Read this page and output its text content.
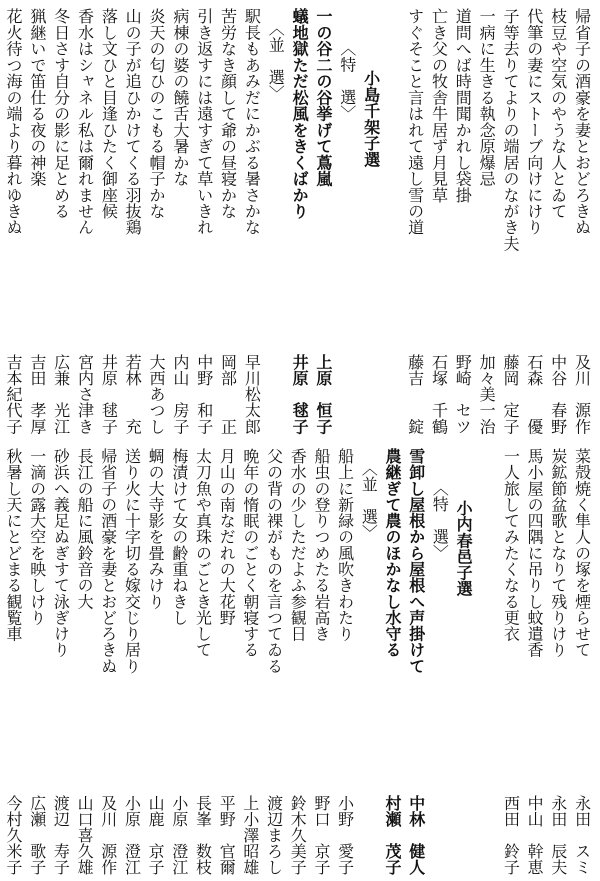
帰省子の酒豪を妻とおどろきぬ
枝豆や空気のやうな人とゐて
代筆の妻にストーブ向けにけり
子等去りてよりの端居のながき夫
一病に生きる執念原爆忌
道問へば時間聞かれし袋掛
亡き父の牧舎牛居ず月見草
すぐそこと言はれて遠し雪の道
及川　源作
中谷　春野
石森　　優
藤岡　定子
加々美一治
野崎　セツ
石塚　千鶴
藤吉　　錠
小島千架子選
〈特　選〉
一の谷二の谷挙げて蔦嵐
蟻地獄ただ松風をきくばかり
〈並　選〉
上原　恒子
井原　毬子
駅長もあみだにかぶる暑さかな
苦労なき顔して爺の昼寝かな
引き返すには遠すぎて草いきれ
病棟の婆の饒舌大暑かな
炎天の匂ひのこもる帽子かな
山の子が追ひかけてくる羽抜鶏
落し文ひと目逢ひたく御座候
香水はシャネル私は爾れません
冬日さす自分の影に足とめる
猟継いで笛仕る夜の神楽
花火待つ海の端より暮れゆきぬ
早川松太郎
岡部　　正
中野　和子
内山　房子
大西あつし
若林　　充
井原　毬子
宮内さ津き
広兼　光江
吉田　孝厚
吉本紀代子
菜殻焼く隼人の塚を煙らせて
炭鉱節盆歌となりて残りけり
馬小屋の四隅に吊りし蚊遣香
一人旅してみたくなる更衣
永田　スミ
永田　辰夫
中山　幹恵
西田　鈴子
小内春邑子選
〈特　選〉
雪卸し屋根から屋根へ声掛けて
農継ぎて農のほかなし水守る
〈並　選〉
中林　健人
村瀬　茂子
船上に新緑の風吹きわたり
船虫の登りつめたる岩高き
香水の少しただよふ参観日
父の背の裸がものを言つてゐる
晩年の惰眠のごとく朝寝する
月山の南なだれの大花野
太刀魚や真珠のごとき光して
梅漬けて女の齢重ねきし
蜩の大寺影を畳みけり
送り火に十字切る嫁交じり居り
帰省子の酒豪を妻とおどろきぬ
長江の船に風鈴音の大
砂浜へ義足ぬぎすて泳ぎけり
一滴の露大空を映しけり
秋暑し天にとどまる観覧車
小野　愛子
野口　京子
鈴木久美子
渡辺まろし
上小澤昭雄
平野　官爾
長峯　数枝
小原　澄江
山鹿　京子
小原　澄江
及川　源作
山口喜久雄
渡辺　寿子
広瀬　歌子
今村久米子
